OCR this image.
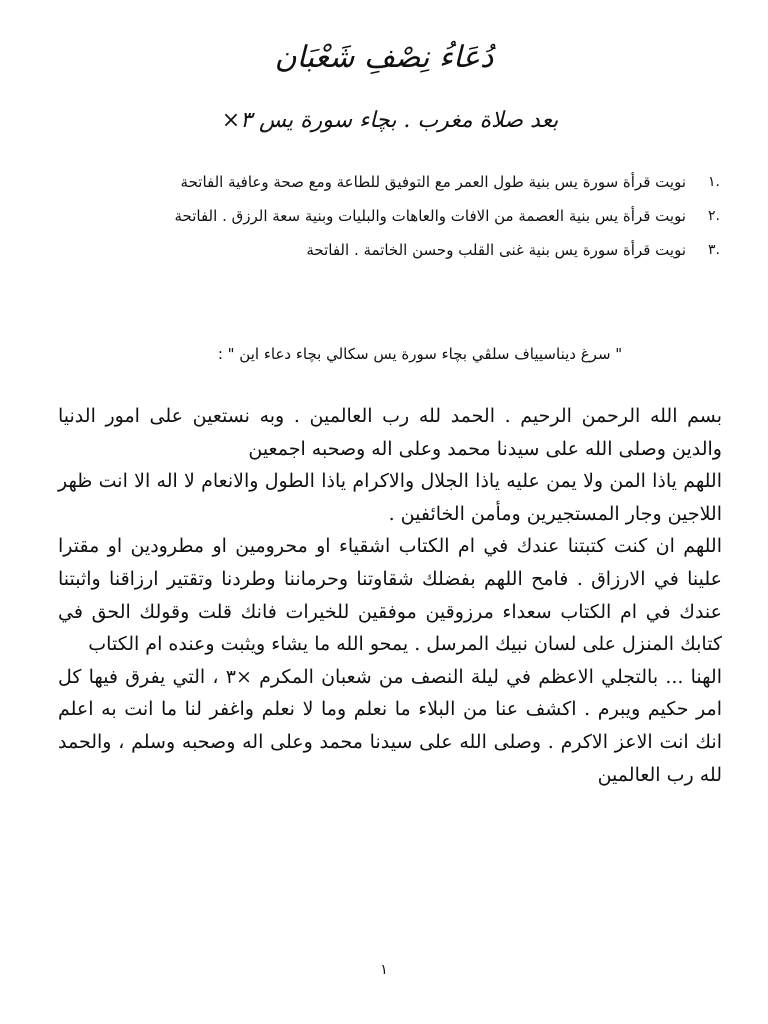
دُعَاءُ نِصْفِ شَعْبَان
بعد صلاة مغرب . بچاء سورة يس ٣×
.١
نويت قرأة سورة يس بنية طول العمر مع التوفيق للطاعة ومع صحة وعافية الفاتحة
.٢
نويت قرأة يس بنية العصمة من الافات والعاهات والبليات وبنية سعة الرزق . الفاتحة
.٣
نويت قرأة سورة يس بنية غنى القلب وحسن الخاتمة . الفاتحة
" سرغ ديناسيياف سلڤي بچاء سورة يس سكالي بچاء دعاء اين " :

بسم الله الرحمن الرحيم . الحمد لله رب العالمين . وبه نستعين على امور الدنيا والدين وصلى الله على سيدنا محمد وعلى اله وصحبه اجمعين

اللهم ياذا المن ولا يمن عليه ياذا الجلال والاكرام ياذا الطول والانعام لا اله الا انت ظهر اللاجين وجار المستجيرين ومأمن الخائفين .

اللهم ان كنت كتبتنا عندك في ام الكتاب اشقياء او محرومين او مطرودين او مقترا علينا في الارزاق . فامح اللهم بفضلك شقاوتنا وحرماننا وطردنا وتقتير ارزاقنا واثبتنا عندك في ام الكتاب سعداء مرزوقين موفقين للخيرات فانك قلت وقولك الحق في كتابك المنزل على لسان نبيك المرسل . يمحو الله ما يشاء ويثبت وعنده ام الكتاب

الهنا ... بالتجلي الاعظم في ليلة النصف من شعبان المكرم ×٣ ، التي يفرق فيها كل امر حكيم ويبرم . اكشف عنا من البلاء ما نعلم وما لا نعلم واغفر لنا ما انت به اعلم انك انت الاعز الاكرم . وصلى الله على سيدنا محمد وعلى اله وصحبه وسلم ، والحمد لله رب العالمين

١
